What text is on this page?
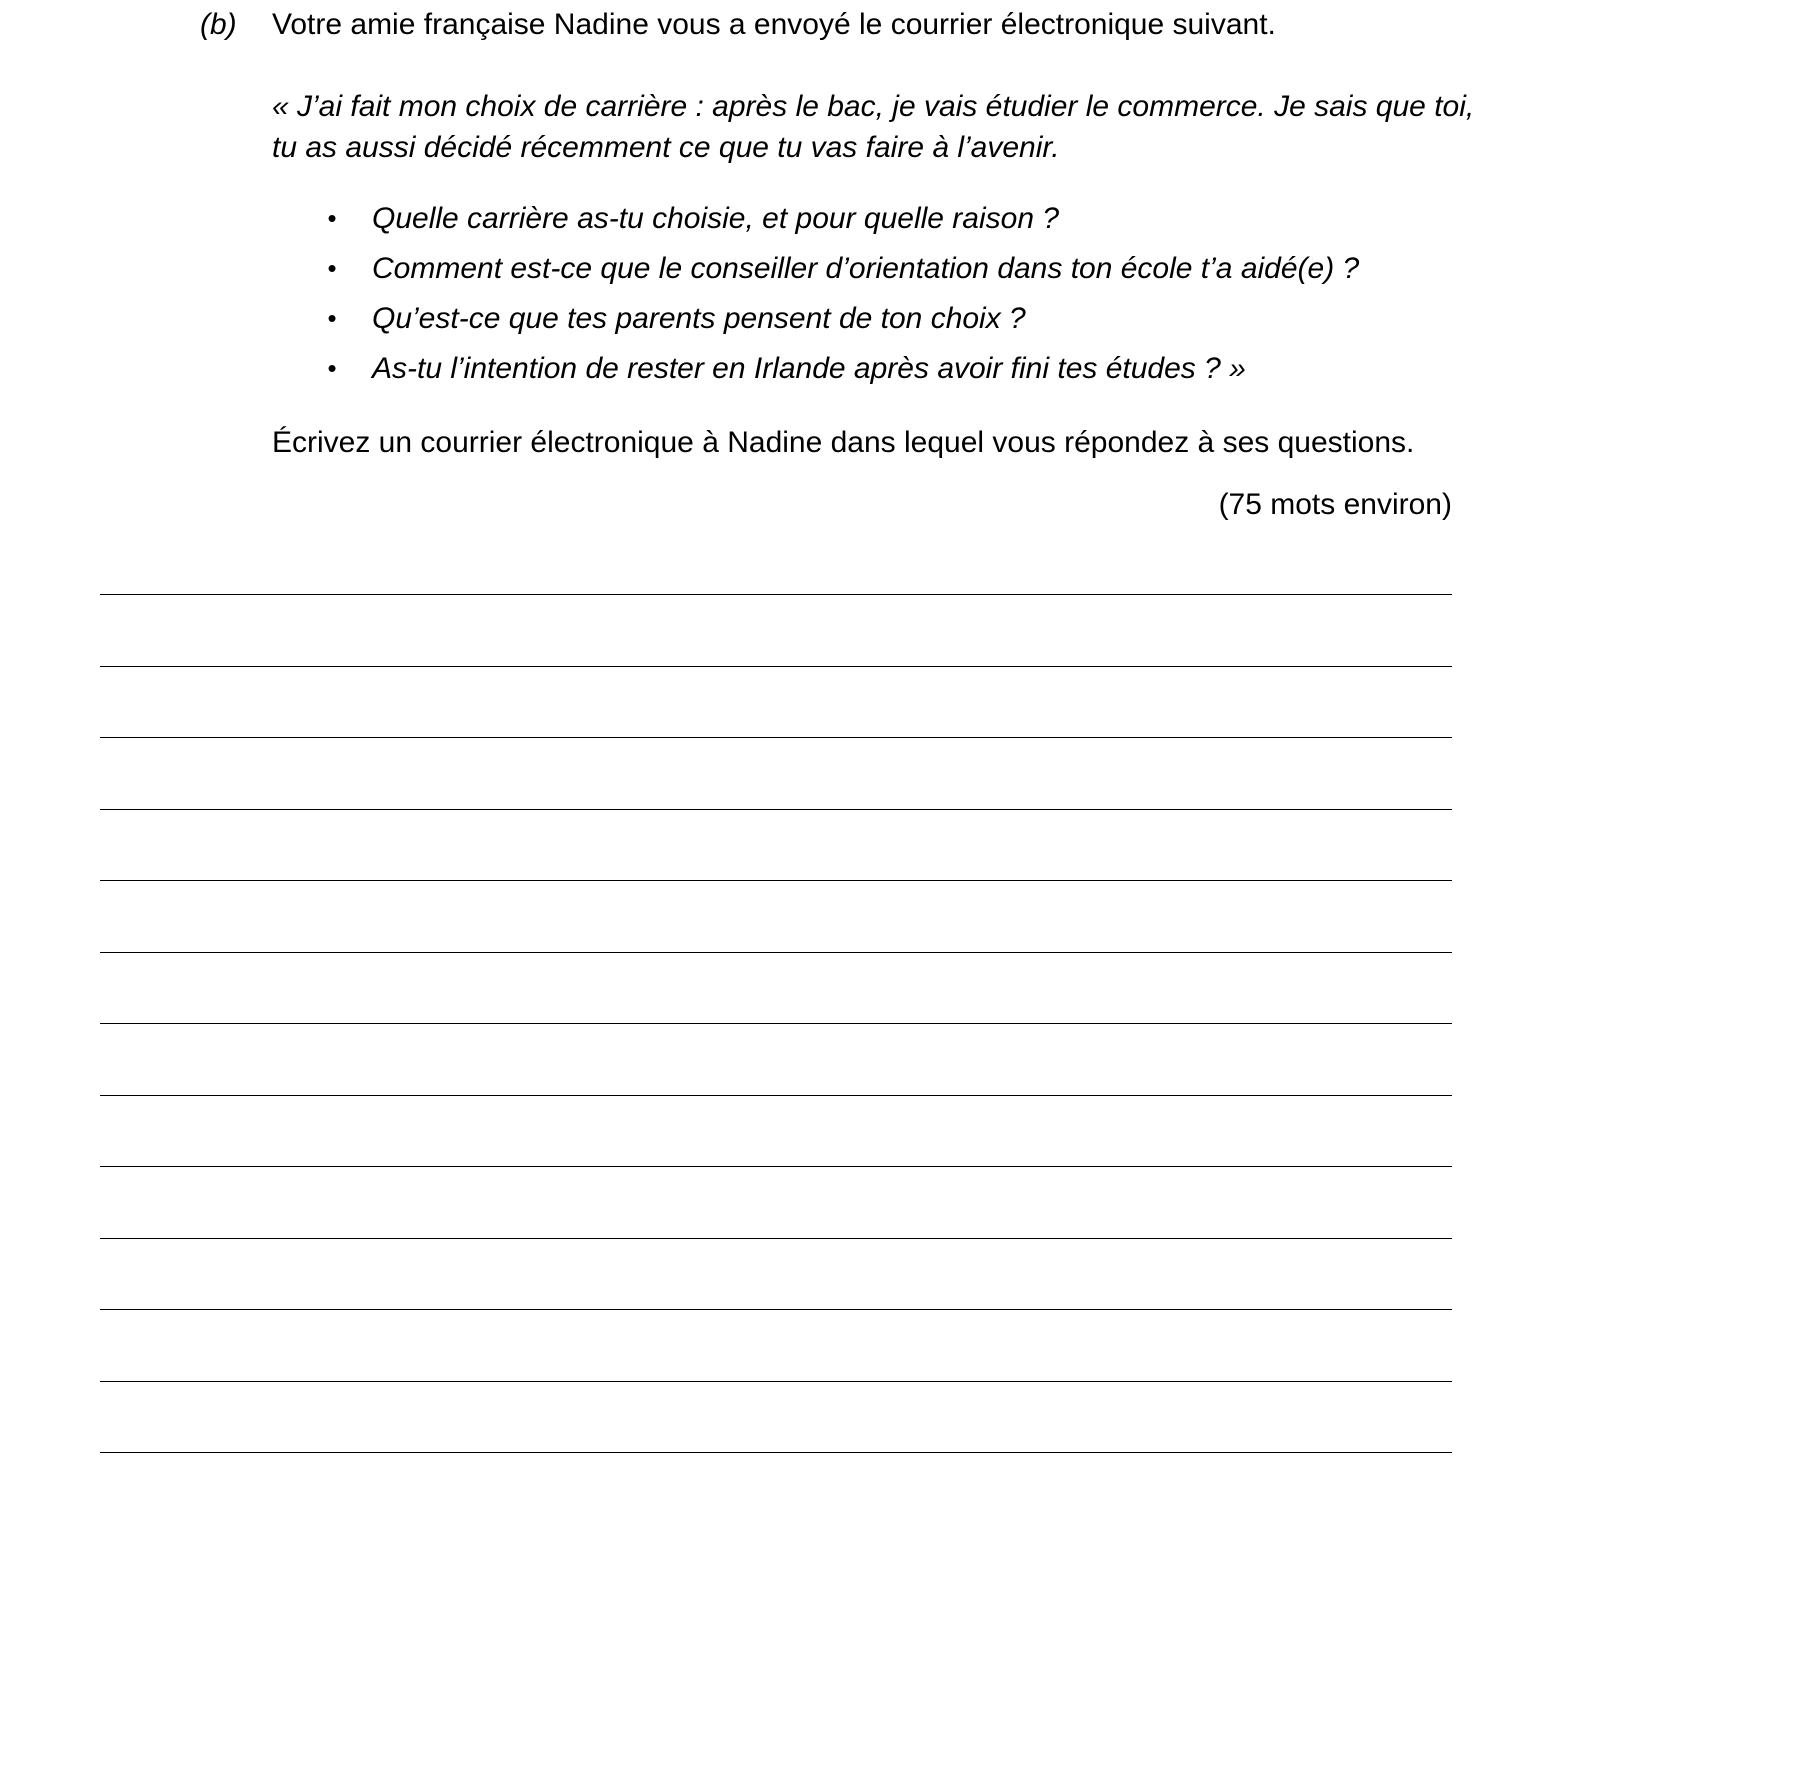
(b)	Votre amie française Nadine vous a envoyé le courrier électronique suivant.
« J’ai fait mon choix de carrière : après le bac, je vais étudier le commerce. Je sais que toi,
tu as aussi décidé récemment ce que tu vas faire à l’avenir.
• Quelle carrière as-tu choisie, et pour quelle raison ?
• Comment est-ce que le conseiller d’orientation dans ton école t’a aidé(e) ?
• Qu’est-ce que tes parents pensent de ton choix ?
• As-tu l’intention de rester en Irlande après avoir fini tes études ? »
Écrivez un courrier électronique à Nadine dans lequel vous répondez à ses questions.
(75 mots environ)
